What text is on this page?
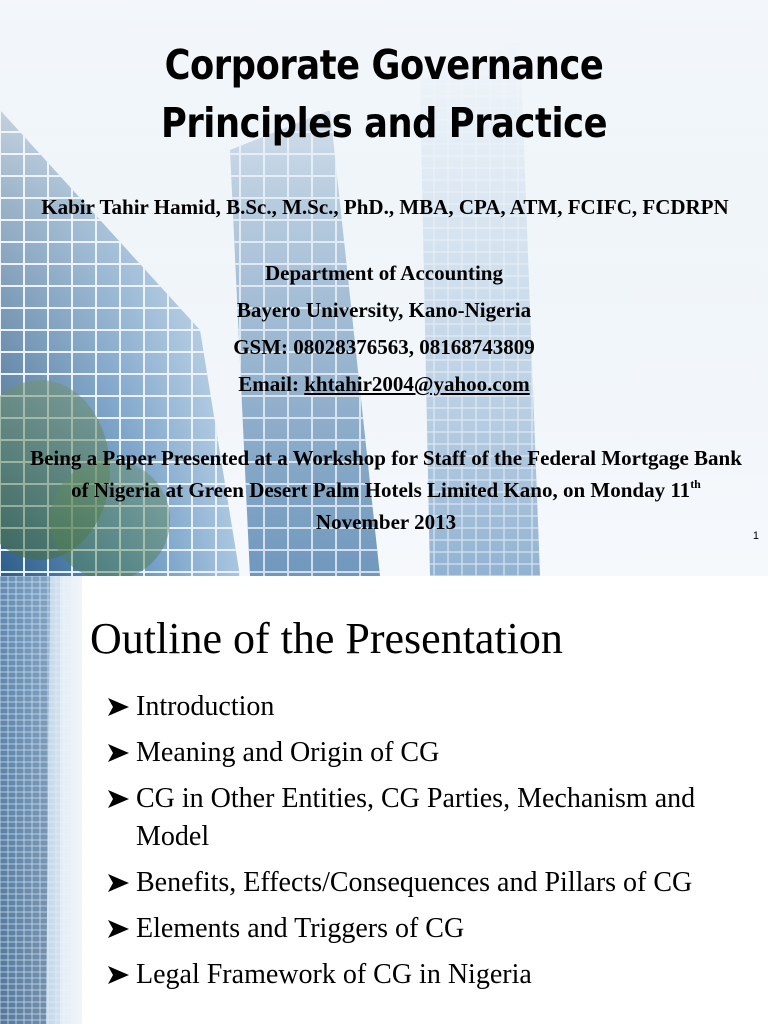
Corporate Governance
Principles and Practice
Kabir Tahir Hamid, B.Sc., M.Sc., PhD., MBA, CPA, ATM, FCIFC, FCDRPN
Department of Accounting
Bayero University, Kano-Nigeria
GSM: 08028376563, 08168743809
Email: khtahir2004@yahoo.com
Being a Paper Presented at a Workshop for Staff of the Federal Mortgage Bank of Nigeria at Green Desert Palm Hotels Limited Kano, on Monday 11th November 2013
1
Outline of the Presentation
Introduction
Meaning and Origin of CG
CG in Other Entities, CG Parties, Mechanism and Model
Benefits, Effects/Consequences and Pillars of CG
Elements and Triggers of CG
Legal Framework of CG in Nigeria
